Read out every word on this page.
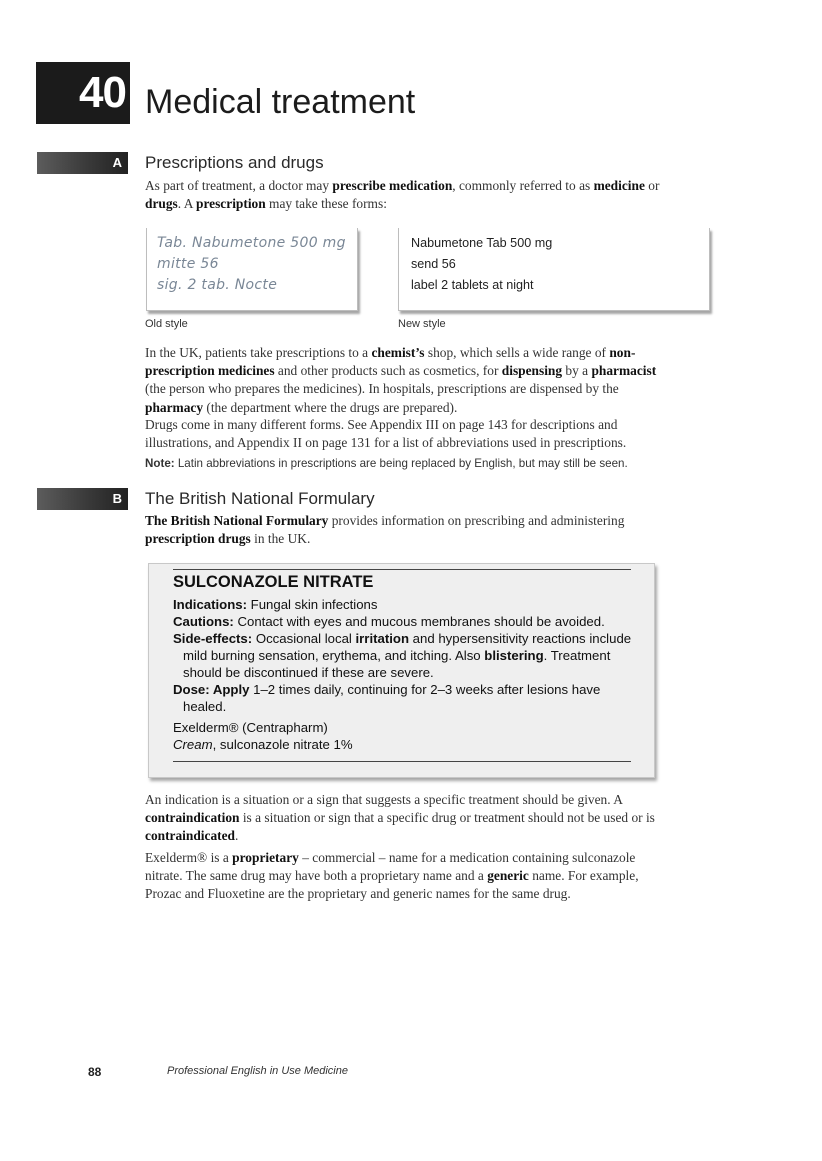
40 Medical treatment
A	Prescriptions and drugs
As part of treatment, a doctor may prescribe medication, commonly referred to as medicine or drugs. A prescription may take these forms:
Tab. Nabumetone 500 mg
mitte 56
sig. 2 tab. Nocte
Old style
Nabumetone Tab 500 mg
send 56
label 2 tablets at night
New style
In the UK, patients take prescriptions to a chemist’s shop, which sells a wide range of non-prescription medicines and other products such as cosmetics, for dispensing by a pharmacist (the person who prepares the medicines). In hospitals, prescriptions are dispensed by the pharmacy (the department where the drugs are prepared).
Drugs come in many different forms. See Appendix III on page 143 for descriptions and illustrations, and Appendix II on page 131 for a list of abbreviations used in prescriptions.
Note: Latin abbreviations in prescriptions are being replaced by English, but may still be seen.
B	The British National Formulary
The British National Formulary provides information on prescribing and administering prescription drugs in the UK.
SULCONAZOLE NITRATE
Indications: Fungal skin infections
Cautions: Contact with eyes and mucous membranes should be avoided.
Side-effects: Occasional local irritation and hypersensitivity reactions include mild burning sensation, erythema, and itching. Also blistering. Treatment should be discontinued if these are severe.
Dose: Apply 1–2 times daily, continuing for 2–3 weeks after lesions have healed.
Exelderm® (Centrapharm)
Cream, sulconazole nitrate 1%
An indication is a situation or a sign that suggests a specific treatment should be given. A contraindication is a situation or sign that a specific drug or treatment should not be used or is contraindicated.
Exelderm® is a proprietary – commercial – name for a medication containing sulconazole nitrate. The same drug may have both a proprietary name and a generic name. For example, Prozac and Fluoxetine are the proprietary and generic names for the same drug.
88	Professional English in Use Medicine
